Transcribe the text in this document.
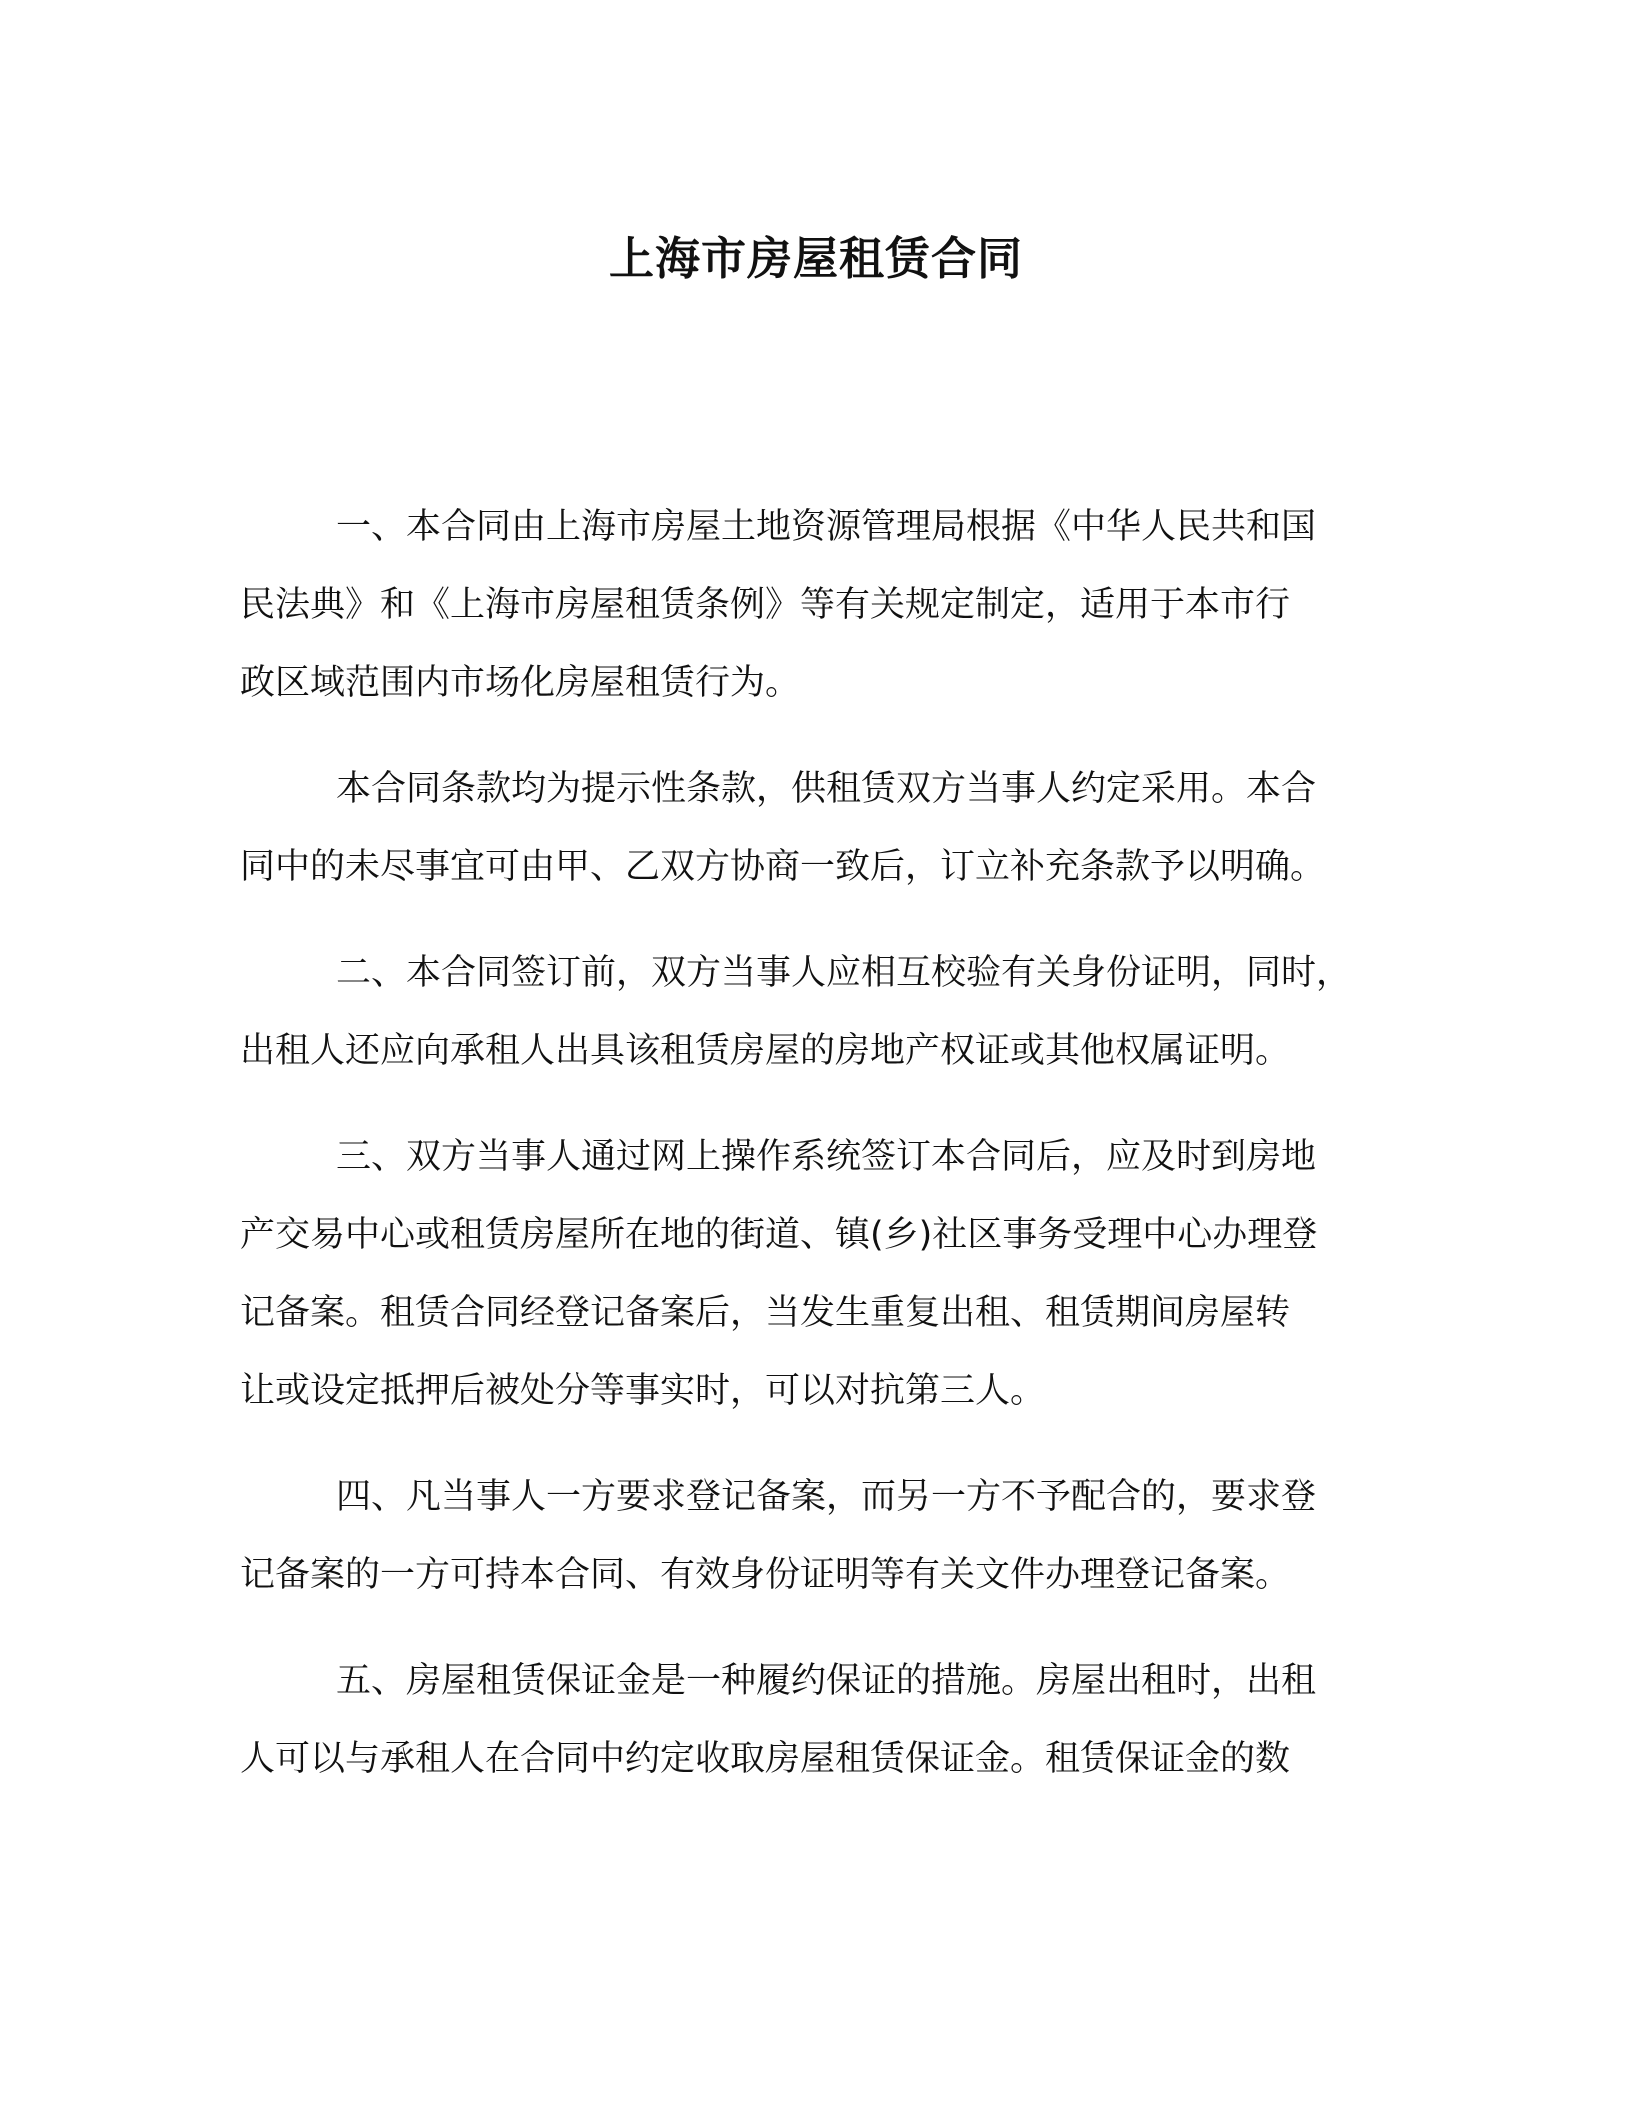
上海市房屋租赁合同

一、本合同由上海市房屋土地资源管理局根据《中华人民共和国
民法典》和《上海市房屋租赁条例》等有关规定制定，适用于本市行
政区域范围内市场化房屋租赁行为。

本合同条款均为提示性条款，供租赁双方当事人约定采用。本合
同中的未尽事宜可由甲、乙双方协商一致后，订立补充条款予以明确。

二、本合同签订前，双方当事人应相互校验有关身份证明，同时，
出租人还应向承租人出具该租赁房屋的房地产权证或其他权属证明。

三、双方当事人通过网上操作系统签订本合同后，应及时到房地
产交易中心或租赁房屋所在地的街道、镇(乡)社区事务受理中心办理登
记备案。租赁合同经登记备案后，当发生重复出租、租赁期间房屋转
让或设定抵押后被处分等事实时，可以对抗第三人。

四、凡当事人一方要求登记备案，而另一方不予配合的，要求登
记备案的一方可持本合同、有效身份证明等有关文件办理登记备案。

五、房屋租赁保证金是一种履约保证的措施。房屋出租时，出租
人可以与承租人在合同中约定收取房屋租赁保证金。租赁保证金的数
